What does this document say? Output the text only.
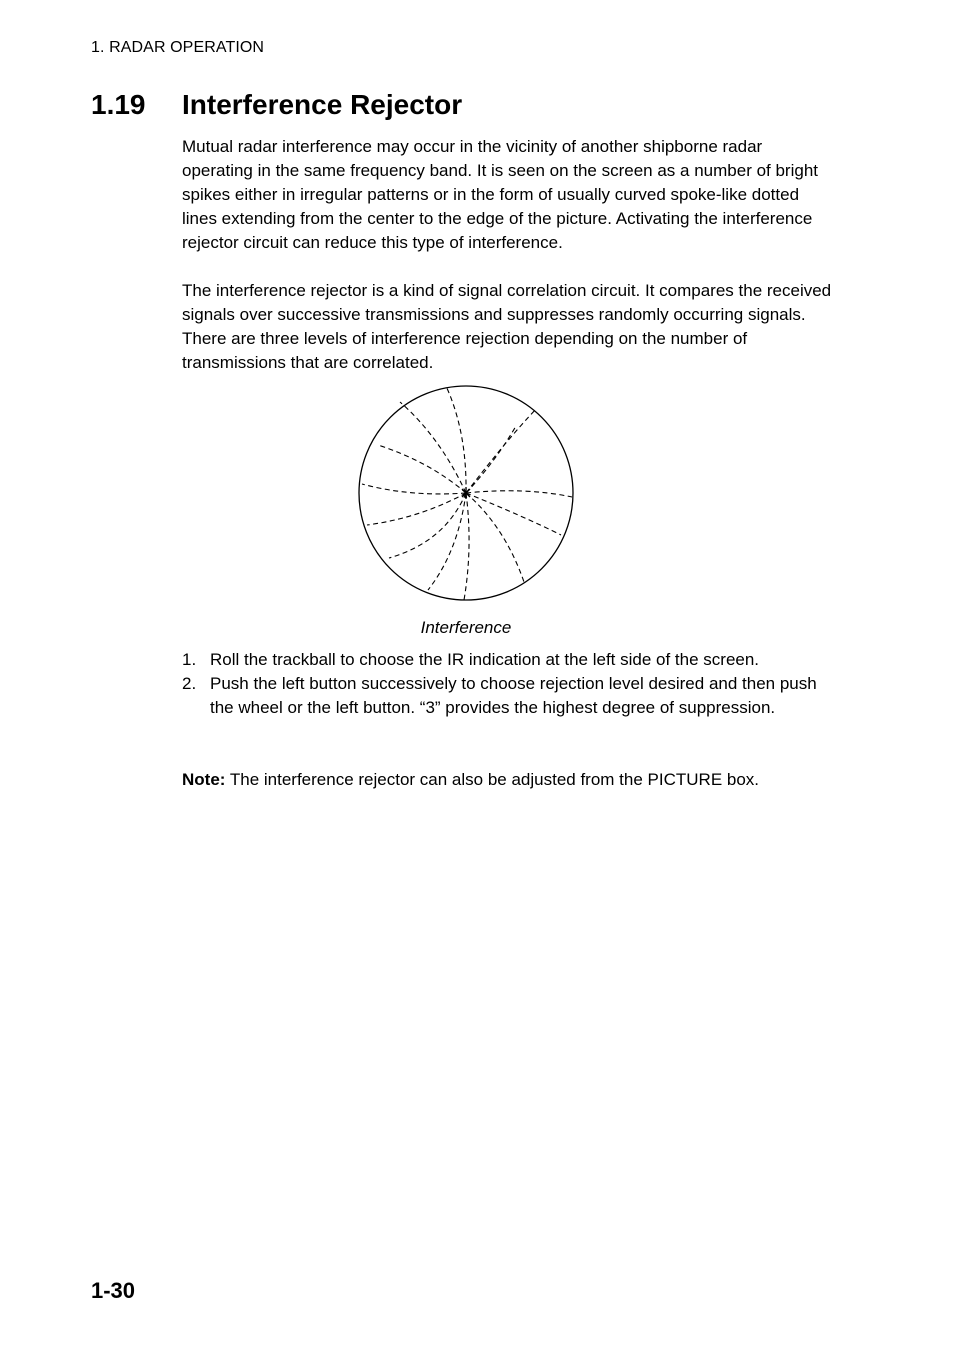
1. RADAR OPERATION
1.19 Interference Rejector

Mutual radar interference may occur in the vicinity of another shipborne radar operating in the same frequency band. It is seen on the screen as a number of bright spikes either in irregular patterns or in the form of usually curved spoke-like dotted lines extending from the center to the edge of the picture. Activating the interference rejector circuit can reduce this type of interference.

The interference rejector is a kind of signal correlation circuit. It compares the received signals over successive transmissions and suppresses randomly occurring signals. There are three levels of interference rejection depending on the number of transmissions that are correlated.

Interference
1. Roll the trackball to choose the IR indication at the left side of the screen.
2. Push the left button successively to choose rejection level desired and then push the wheel or the left button. “3” provides the highest degree of suppression.

Note: The interference rejector can also be adjusted from the PICTURE box.

1-30
